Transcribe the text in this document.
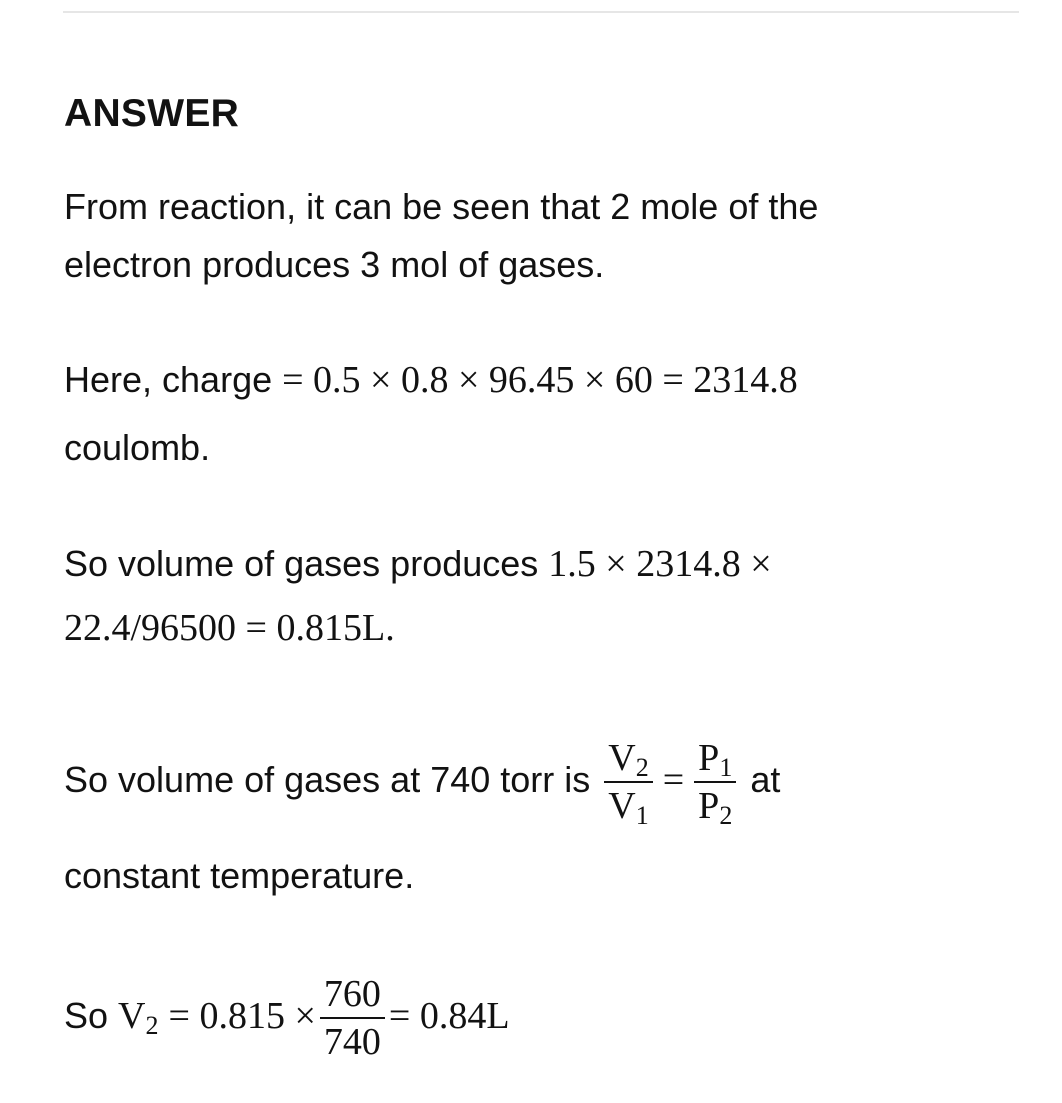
ANSWER
From reaction, it can be seen that 2 mole of the
electron produces 3 mol of gases.
Here, charge = 0.5 × 0.8 × 96.45 × 60 = 2314.8
coulomb.
So volume of gases produces 1.5 × 2314.8 ×
22.4/96500 = 0.815L.
So volume of gases at 740 torr is $\frac{V_2}{V_1} = \frac{P_1}{P_2}$ at
constant temperature.
So $V_2 = 0.815 \times \frac{760}{740} = 0.84L$
